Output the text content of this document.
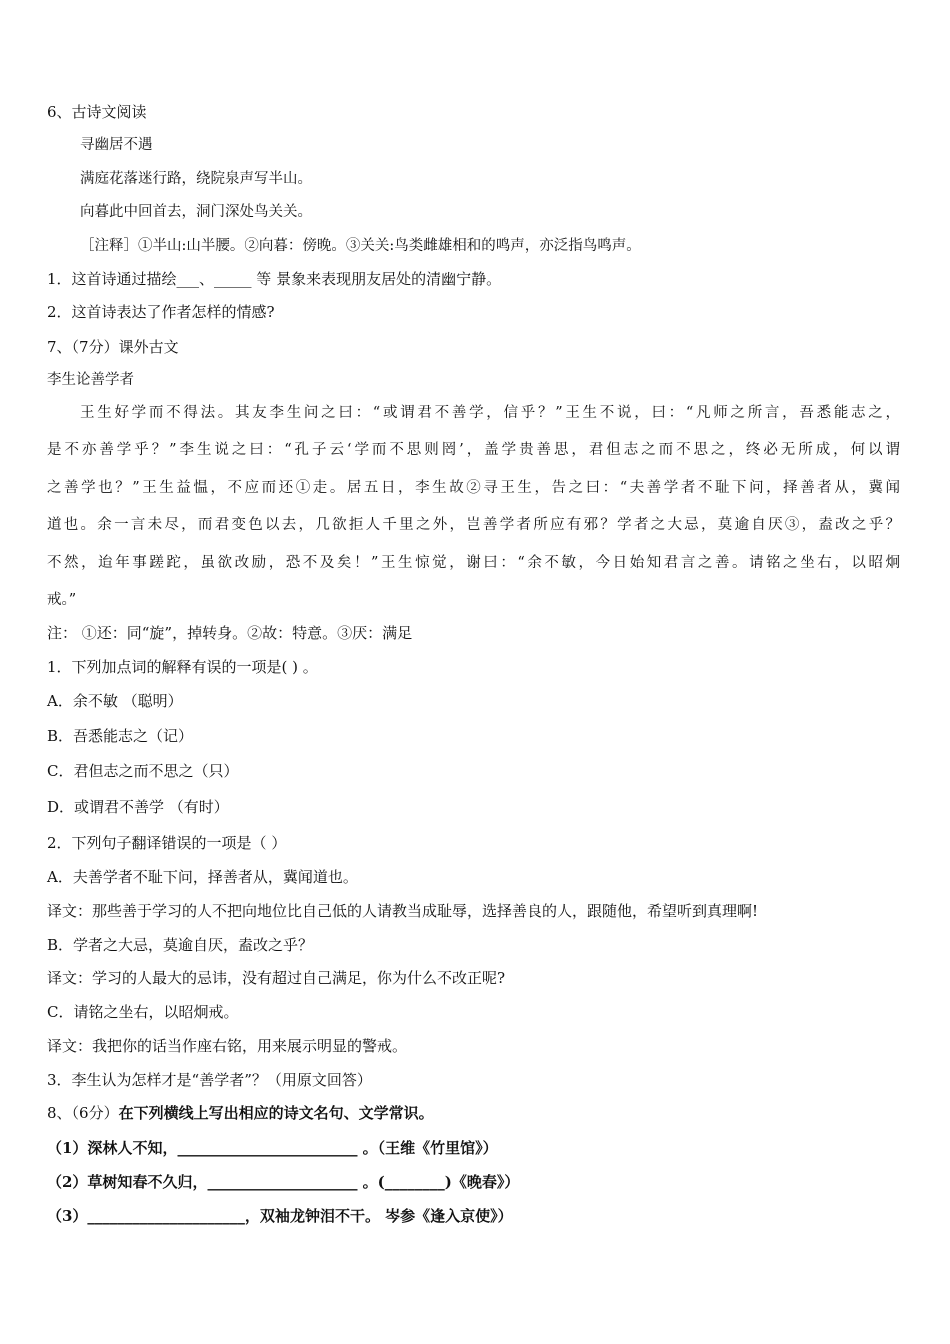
6、古诗文阅读
寻幽居不遇
满庭花落迷行路，绕院泉声写半山。
向暮此中回首去，洞门深处鸟关关。
［注释］①半山:山半腰。②向暮：傍晚。③关关:鸟类雌雄相和的鸣声，亦泛指鸟鸣声。
1．这首诗通过描绘___、_____ 等 景象来表现朋友居处的清幽宁静。
2．这首诗表达了作者怎样的情感?
7、（7分）课外古文
李生论善学者
王生好学而不得法。其友李生问之曰：“或谓君不善学，信乎？”王生不说，曰：“凡师之所言，吾悉能志之，
是不亦善学乎？”李生说之曰：“孔子云‘学而不思则罔’，盖学贵善思，君但志之而不思之，终必无所成，何以谓
之善学也？”王生益愠，不应而还①走。居五日，李生故②寻王生，告之曰：“夫善学者不耻下问，择善者从，冀闻
道也。余一言未尽，而君变色以去，几欲拒人千里之外，岂善学者所应有邪？学者之大忌，莫逾自厌③，盍改之乎？
不然，迨年事蹉跎，虽欲改励，恐不及矣！”王生惊觉，谢曰：“余不敏，今日始知君言之善。请铭之坐右，以昭炯
戒。”
注： ①还：同“旋”，掉转身。②故：特意。③厌：满足
1．下列加点词的解释有误的一项是( ) 。
A．余不敏 （聪明）
B．吾悉能志之（记）
C．君但志之而不思之（只）
D．或谓君不善学 （有时）
2．下列句子翻译错误的一项是（ ）
A．夫善学者不耻下问，择善者从，冀闻道也。
译文：那些善于学习的人不把向地位比自己低的人请教当成耻辱，选择善良的人，跟随他，希望听到真理啊!
B．学者之大忌，莫逾自厌，盍改之乎？
译文：学习的人最大的忌讳，没有超过自己满足，你为什么不改正呢?
C．请铭之坐右，以昭炯戒。
译文：我把你的话当作座右铭，用来展示明显的警戒。
3．李生认为怎样才是“善学者”？（用原文回答）
8、（6分）在下列横线上写出相应的诗文名句、文学常识。
（1）深林人不知，________________________ 。（王维《竹里馆》）
（2）草树知春不久归，____________________ 。(________)《晚春》）
（3）_____________________，双袖龙钟泪不干。 岑参《逢入京使》）
